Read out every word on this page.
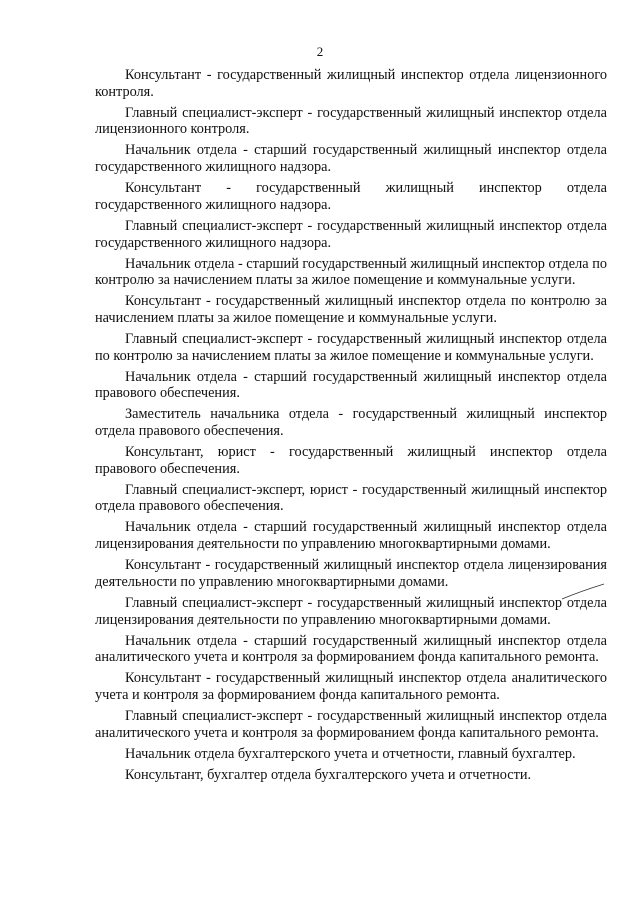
2

Консультант - государственный жилищный инспектор отдела лицензионного контроля.

Главный специалист-эксперт - государственный жилищный инспектор отдела лицензионного контроля.

Начальник отдела - старший государственный жилищный инспектор отдела государственного жилищного надзора.

Консультант - государственный жилищный инспектор отдела государственного жилищного надзора.

Главный специалист-эксперт - государственный жилищный инспектор отдела государственного жилищного надзора.

Начальник отдела - старший государственный жилищный инспектор отдела по контролю за начислением платы за жилое помещение и коммунальные услуги.

Консультант - государственный жилищный инспектор отдела по контролю за начислением платы за жилое помещение и коммунальные услуги.

Главный специалист-эксперт - государственный жилищный инспектор отдела по контролю за начислением платы за жилое помещение и коммунальные услуги.

Начальник отдела - старший государственный жилищный инспектор отдела правового обеспечения.

Заместитель начальника отдела - государственный жилищный инспектор отдела правового обеспечения.

Консультант, юрист - государственный жилищный инспектор отдела правового обеспечения.

Главный специалист-эксперт, юрист - государственный жилищный инспектор отдела правового обеспечения.

Начальник отдела - старший государственный жилищный инспектор отдела лицензирования деятельности по управлению многоквартирными домами.

Консультант - государственный жилищный инспектор отдела лицензирования деятельности по управлению многоквартирными домами.

Главный специалист-эксперт - государственный жилищный инспектор отдела лицензирования деятельности по управлению многоквартирными домами.

Начальник отдела - старший государственный жилищный инспектор отдела аналитического учета и контроля за формированием фонда капитального ремонта.

Консультант - государственный жилищный инспектор отдела аналитического учета и контроля за формированием фонда капитального ремонта.

Главный специалист-эксперт - государственный жилищный инспектор отдела аналитического учета и контроля за формированием фонда капитального ремонта.

Начальник отдела бухгалтерского учета и отчетности, главный бухгалтер.

Консультант, бухгалтер отдела бухгалтерского учета и отчетности.
